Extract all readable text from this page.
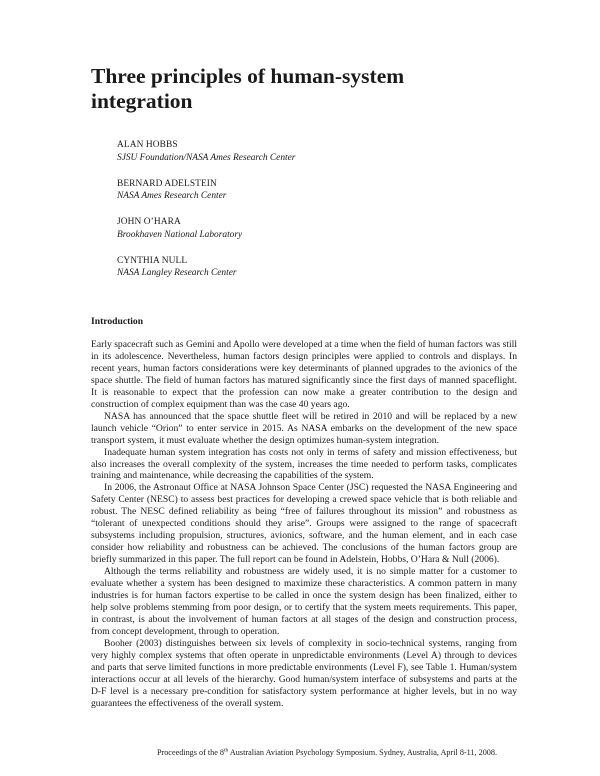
Three principles of human-system integration
ALAN HOBBS
SJSU Foundation/NASA Ames Research Center
BERNARD ADELSTEIN
NASA Ames Research Center
JOHN O’HARA
Brookhaven National Laboratory
CYNTHIA NULL
NASA Langley Research Center
Introduction

Early spacecraft such as Gemini and Apollo were developed at a time when the field of human factors was still in its adolescence. Nevertheless, human factors design principles were applied to controls and displays. In recent years, human factors considerations were key determinants of planned upgrades to the avionics of the space shuttle. The field of human factors has matured significantly since the first days of manned spaceflight. It is reasonable to expect that the profession can now make a greater contribution to the design and construction of complex equipment than was the case 40 years ago.

NASA has announced that the space shuttle fleet will be retired in 2010 and will be replaced by a new launch vehicle “Orion” to enter service in 2015. As NASA embarks on the development of the new space transport system, it must evaluate whether the design optimizes human-system integration.

Inadequate human system integration has costs not only in terms of safety and mission effectiveness, but also increases the overall complexity of the system, increases the time needed to perform tasks, complicates training and maintenance, while decreasing the capabilities of the system.

In 2006, the Astronaut Office at NASA Johnson Space Center (JSC) requested the NASA Engineering and Safety Center (NESC) to assess best practices for developing a crewed space vehicle that is both reliable and robust. The NESC defined reliability as being “free of failures throughout its mission” and robustness as “tolerant of unexpected conditions should they arise”. Groups were assigned to the range of spacecraft subsystems including propulsion, structures, avionics, software, and the human element, and in each case consider how reliability and robustness can be achieved. The conclusions of the human factors group are briefly summarized in this paper. The full report can be found in Adelstein, Hobbs, O’Hara & Null (2006).

Although the terms reliability and robustness are widely used, it is no simple matter for a customer to evaluate whether a system has been designed to maximize these characteristics. A common pattern in many industries is for human factors expertise to be called in once the system design has been finalized, either to help solve problems stemming from poor design, or to certify that the system meets requirements. This paper, in contrast, is about the involvement of human factors at all stages of the design and construction process, from concept development, through to operation.

Booher (2003) distinguishes between six levels of complexity in socio-technical systems, ranging from very highly complex systems that often operate in unpredictable environments (Level A) through to devices and parts that serve limited functions in more predictable environments (Level F), see Table 1. Human/system interactions occur at all levels of the hierarchy. Good human/system interface of subsystems and parts at the D-F level is a necessary pre-condition for satisfactory system performance at higher levels, but in no way guarantees the effectiveness of the overall system.

Proceedings of the 8th Australian Aviation Psychology Symposium. Sydney, Australia, April 8-11, 2008.
